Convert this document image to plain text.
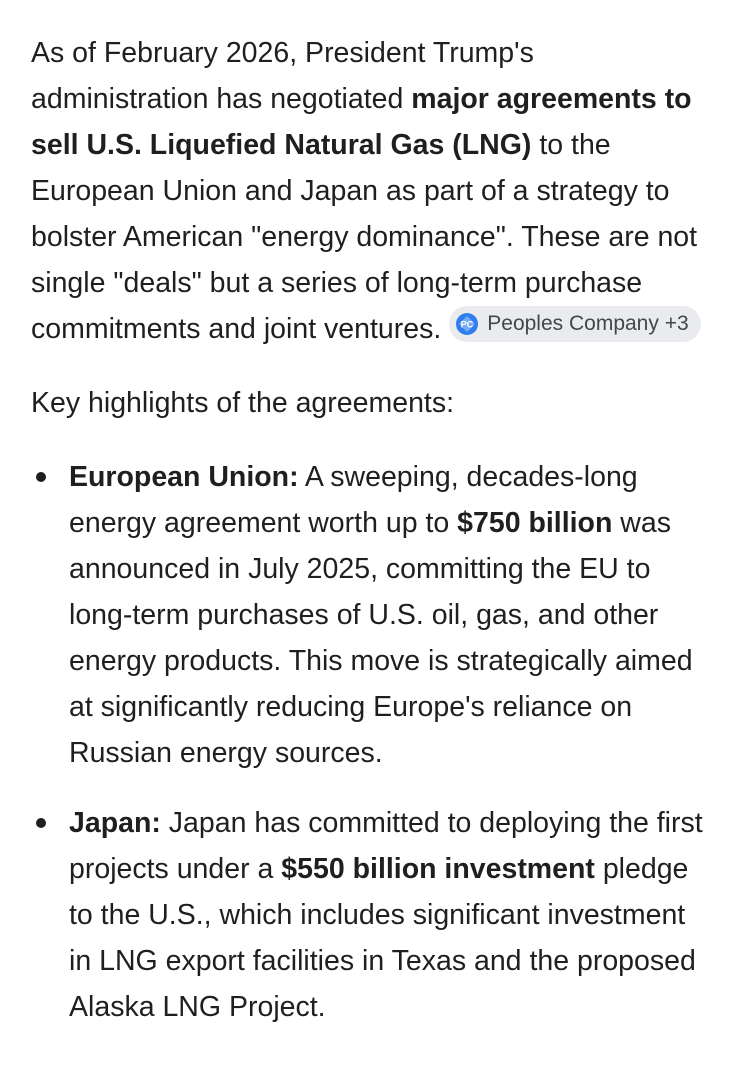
As of February 2026, President Trump's administration has negotiated major agreements to sell U.S. Liquefied Natural Gas (LNG) to the European Union and Japan as part of a strategy to bolster American "energy dominance". These are not single "deals" but a series of long-term purchase commitments and joint ventures. PC Peoples Company +3

Key highlights of the agreements:

European Union: A sweeping, decades-long energy agreement worth up to $750 billion was announced in July 2025, committing the EU to long-term purchases of U.S. oil, gas, and other energy products. This move is strategically aimed at significantly reducing Europe's reliance on Russian energy sources.
Japan: Japan has committed to deploying the first projects under a $550 billion investment pledge to the U.S., which includes significant investment in LNG export facilities in Texas and the proposed Alaska LNG Project.
